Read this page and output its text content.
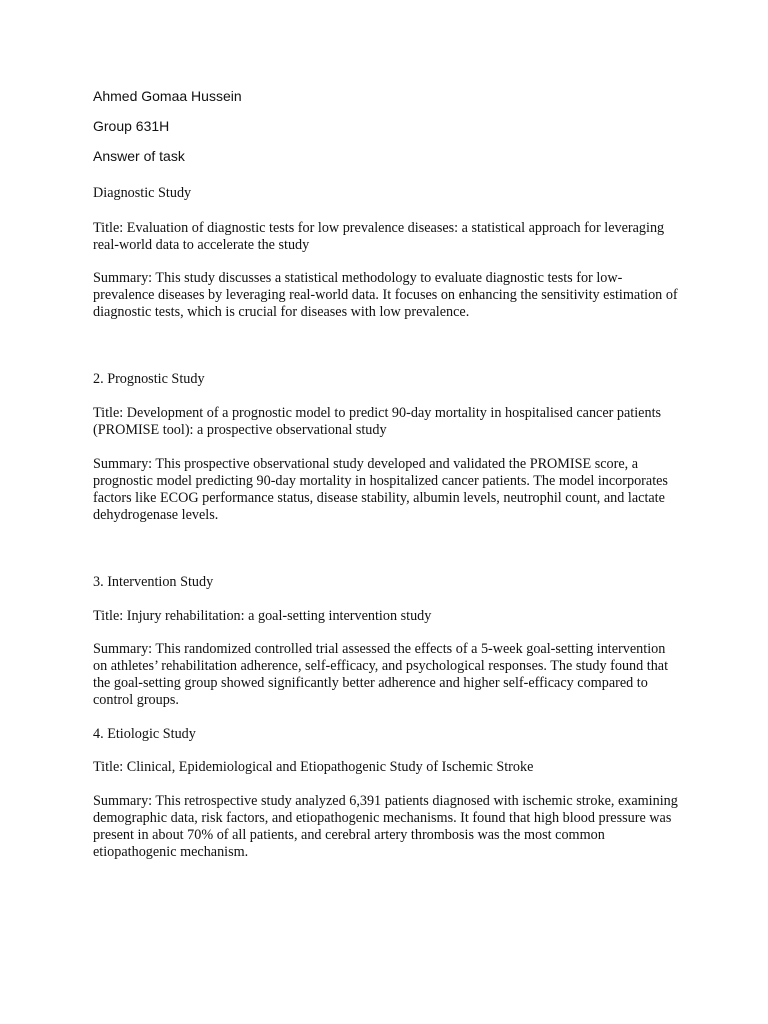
Ahmed Gomaa Hussein

Group 631H

Answer of task

Diagnostic Study

Title: Evaluation of diagnostic tests for low prevalence diseases: a statistical approach for leveraging real-world data to accelerate the study

Summary: This study discusses a statistical methodology to evaluate diagnostic tests for low-prevalence diseases by leveraging real-world data. It focuses on enhancing the sensitivity estimation of diagnostic tests, which is crucial for diseases with low prevalence.

2. Prognostic Study

Title: Development of a prognostic model to predict 90-day mortality in hospitalised cancer patients (PROMISE tool): a prospective observational study

Summary: This prospective observational study developed and validated the PROMISE score, a prognostic model predicting 90-day mortality in hospitalized cancer patients. The model incorporates factors like ECOG performance status, disease stability, albumin levels, neutrophil count, and lactate dehydrogenase levels.

3. Intervention Study

Title: Injury rehabilitation: a goal-setting intervention study

Summary: This randomized controlled trial assessed the effects of a 5-week goal-setting intervention on athletes’ rehabilitation adherence, self-efficacy, and psychological responses. The study found that the goal-setting group showed significantly better adherence and higher self-efficacy compared to control groups.

4. Etiologic Study

Title: Clinical, Epidemiological and Etiopathogenic Study of Ischemic Stroke

Summary: This retrospective study analyzed 6,391 patients diagnosed with ischemic stroke, examining demographic data, risk factors, and etiopathogenic mechanisms. It found that high blood pressure was present in about 70% of all patients, and cerebral artery thrombosis was the most common etiopathogenic mechanism.
